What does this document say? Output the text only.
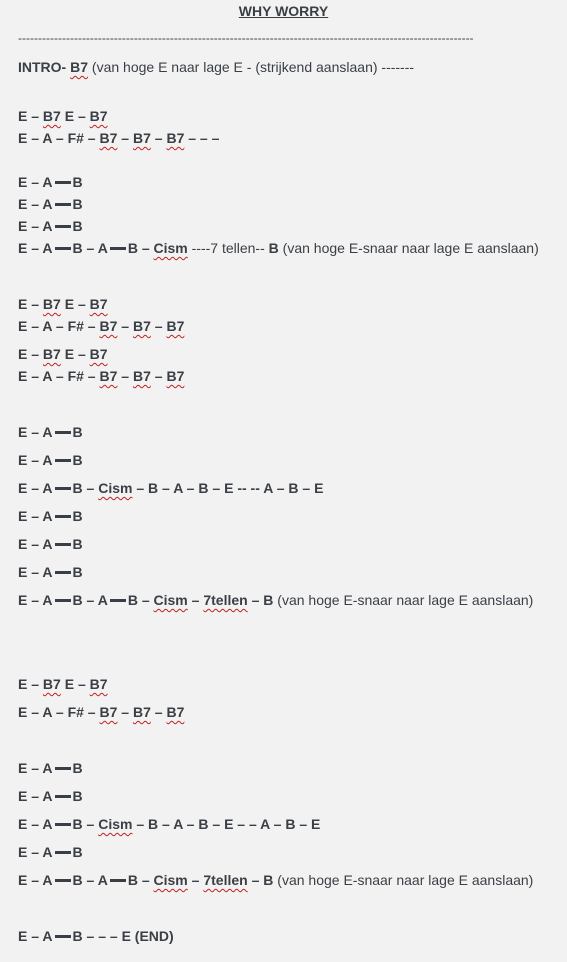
WHY WORRY
------------------------------------------------------------------------------------------------------------------
INTRO- B7 (van hoge E naar lage E - (strijkend aanslaan) -------
E – B7 E – B7
E – A – F# – B7 – B7 – B7 – – –
E – A B
E – A B
E – A B
E – A B – A B – Cism ----7 tellen-- B (van hoge E-snaar naar lage E aanslaan)
E – B7 E – B7
E – A – F# – B7 – B7 – B7
E – B7 E – B7
E – A – F# – B7 – B7 – B7
E – A B
E – A B
E – A B – Cism – B – A – B – E -- -- A – B – E
E – A B
E – A B
E – A B
E – A B – A B – Cism – 7tellen – B (van hoge E-snaar naar lage E aanslaan)
E – B7 E – B7
E – A – F# – B7 – B7 – B7
E – A B
E – A B
E – A B – Cism – B – A – B – E – – A – B – E
E – A B
E – A B – A B – Cism – 7tellen – B (van hoge E-snaar naar lage E aanslaan)
E – A B – – – E (END)
